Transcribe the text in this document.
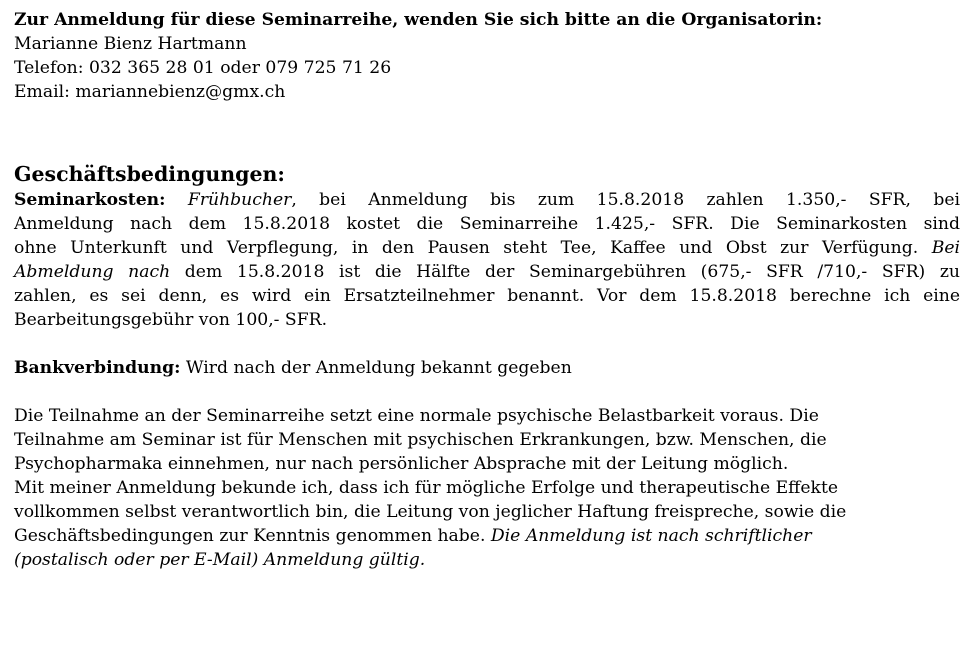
Zur Anmeldung für diese Seminarreihe, wenden Sie sich bitte an die Organisatorin:
Marianne Bienz Hartmann
Telefon: 032 365 28 01 oder 079 725 71 26
Email: mariannebienz@gmx.ch
Geschäftsbedingungen:
Seminarkosten: Frühbucher, bei Anmeldung bis zum 15.8.2018 zahlen 1.350,- SFR, bei
Anmeldung nach dem 15.8.2018 kostet die Seminarreihe 1.425,- SFR. Die Seminarkosten sind
ohne Unterkunft und Verpflegung, in den Pausen steht Tee, Kaffee und Obst zur Verfügung. Bei
Abmeldung nach dem 15.8.2018 ist die Hälfte der Seminargebühren (675,- SFR /710,- SFR) zu
zahlen, es sei denn, es wird ein Ersatzteilnehmer benannt. Vor dem 15.8.2018 berechne ich eine
Bearbeitungsgebühr von 100,- SFR.
Bankverbindung: Wird nach der Anmeldung bekannt gegeben
Die Teilnahme an der Seminarreihe setzt eine normale psychische Belastbarkeit voraus. Die
Teilnahme am Seminar ist für Menschen mit psychischen Erkrankungen, bzw. Menschen, die
Psychopharmaka einnehmen, nur nach persönlicher Absprache mit der Leitung möglich.
Mit meiner Anmeldung bekunde ich, dass ich für mögliche Erfolge und therapeutische Effekte
vollkommen selbst verantwortlich bin, die Leitung von jeglicher Haftung freispreche, sowie die
Geschäftsbedingungen zur Kenntnis genommen habe. Die Anmeldung ist nach schriftlicher
(postalisch oder per E-Mail) Anmeldung gültig.
